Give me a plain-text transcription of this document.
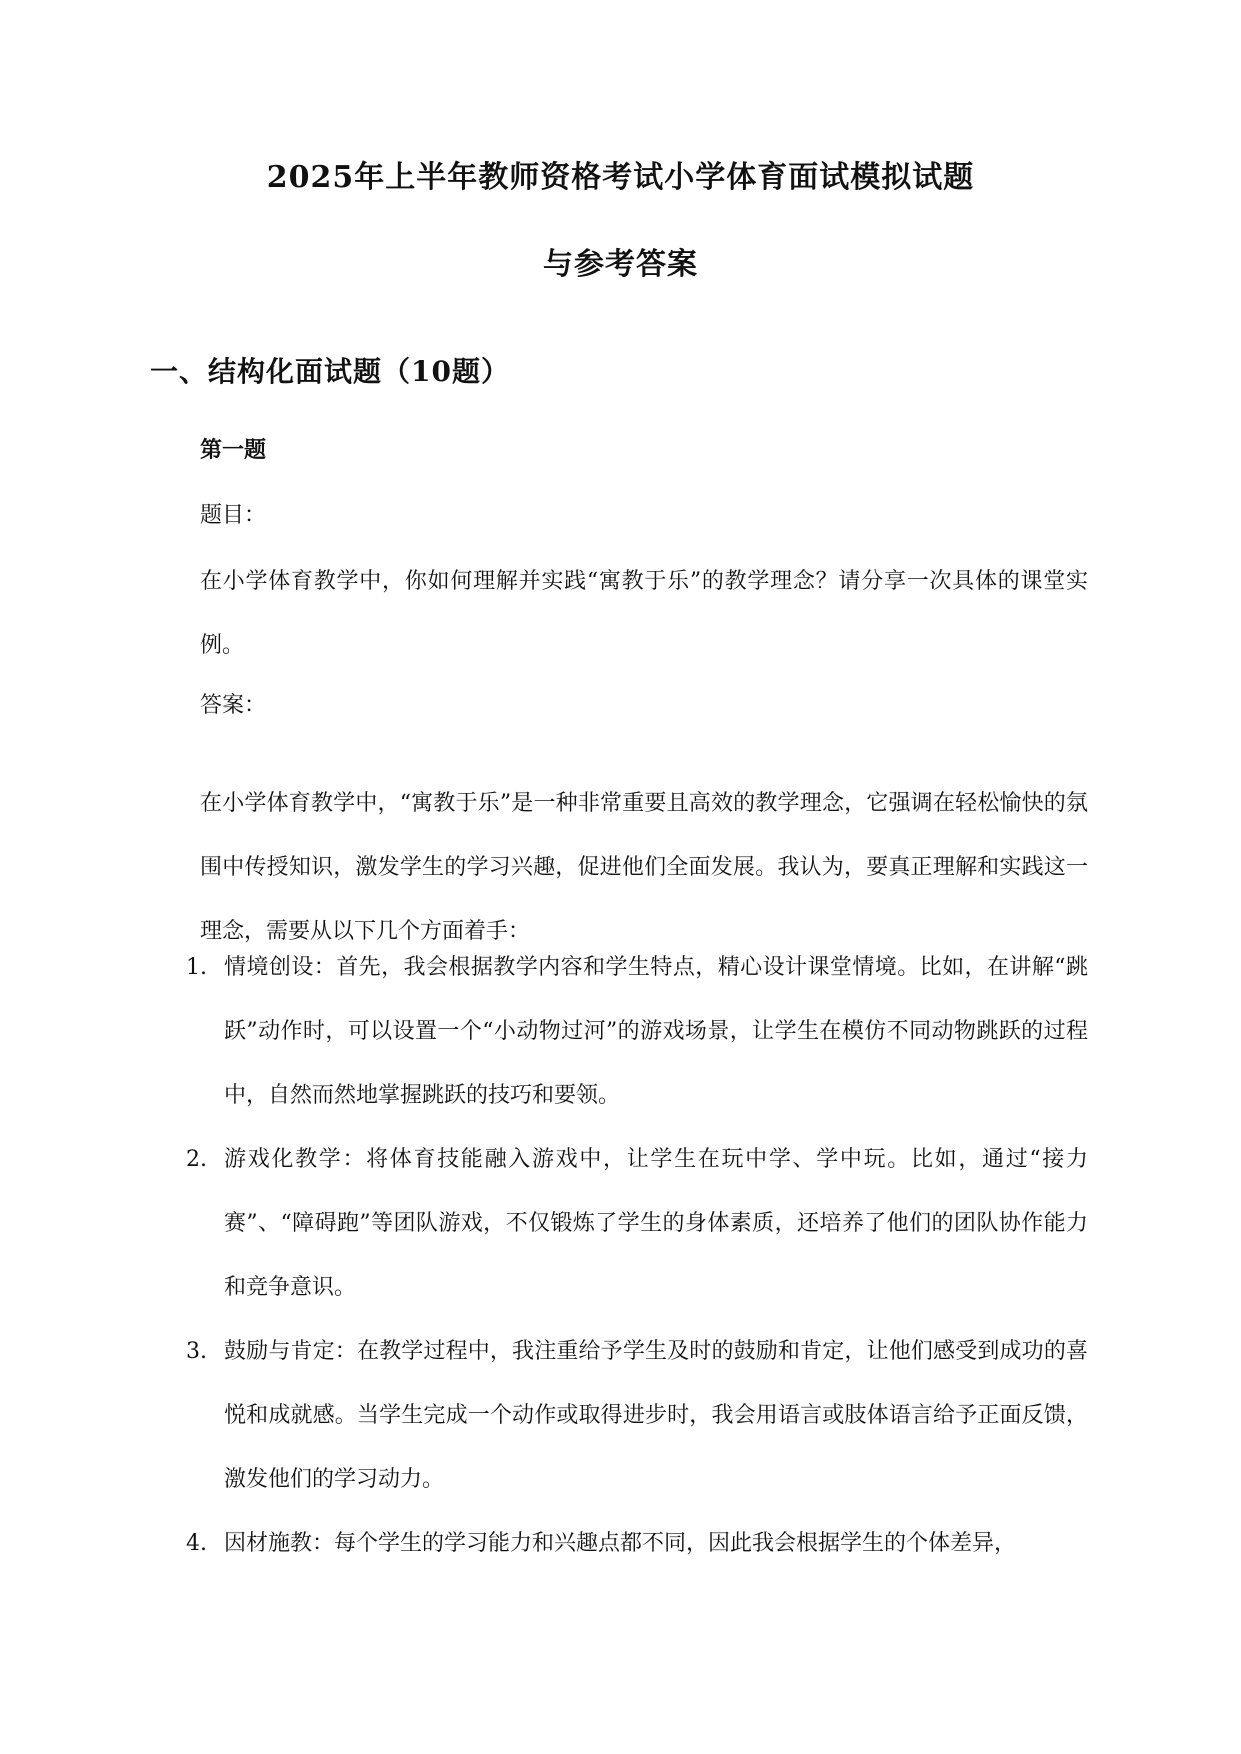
2025年上半年教师资格考试小学体育面试模拟试题
与参考答案
一、结构化面试题（10题）
第一题

题目：

在小学体育教学中，你如何理解并实践“寓教于乐”的教学理念？请分享一次具体的课堂实例。

答案：

在小学体育教学中，“寓教于乐”是一种非常重要且高效的教学理念，它强调在轻松愉快的氛围中传授知识，激发学生的学习兴趣，促进他们全面发展。我认为，要真正理解和实践这一理念，需要从以下几个方面着手：

1. 情境创设：首先，我会根据教学内容和学生特点，精心设计课堂情境。比如，在讲解“跳跃”动作时，可以设置一个“小动物过河”的游戏场景，让学生在模仿不同动物跳跃的过程中，自然而然地掌握跳跃的技巧和要领。
2. 游戏化教学：将体育技能融入游戏中，让学生在玩中学、学中玩。比如，通过“接力赛”、“障碍跑”等团队游戏，不仅锻炼了学生的身体素质，还培养了他们的团队协作能力和竞争意识。
3. 鼓励与肯定：在教学过程中，我注重给予学生及时的鼓励和肯定，让他们感受到成功的喜悦和成就感。当学生完成一个动作或取得进步时，我会用语言或肢体语言给予正面反馈，激发他们的学习动力。
4. 因材施教：每个学生的学习能力和兴趣点都不同，因此我会根据学生的个体差异，
